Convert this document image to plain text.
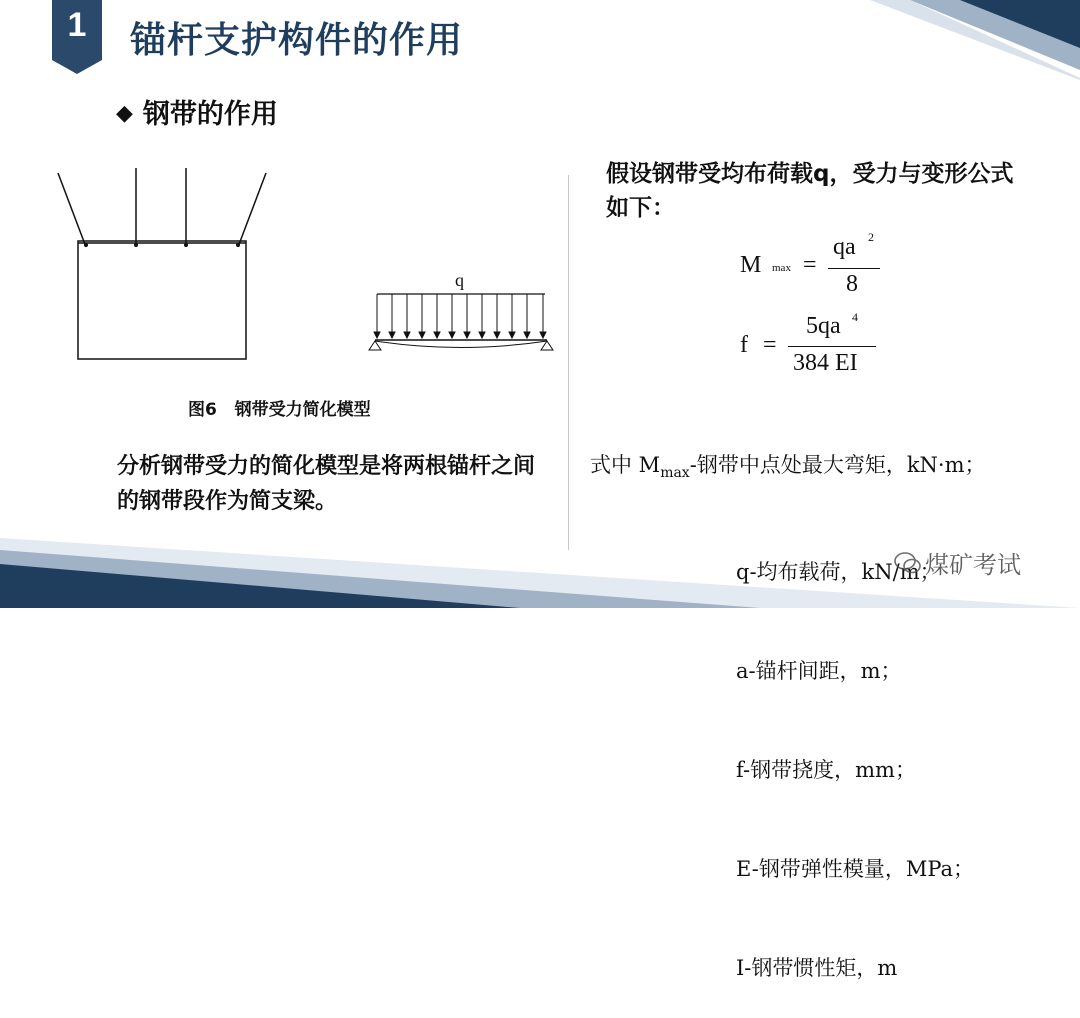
1	锚杆支护构件的作用
◆ 钢带的作用
q
图6   钢带受力简化模型
分析钢带受力的简化模型是将两根锚杆之间的钢带段作为简支梁。
假设钢带受均布荷载q，受力与变形公式如下：
M max =
qa 2
8
f =
5qa 4
384 EI

式中 $M_{max}-$钢带中点处最大弯矩，kN·m；

q-均布载荷，kN/m；

a-锚杆间距，m；

f-钢带挠度，mm；

E-钢带弹性模量，MPa；

I-钢带惯性矩，m

煤矿考试
